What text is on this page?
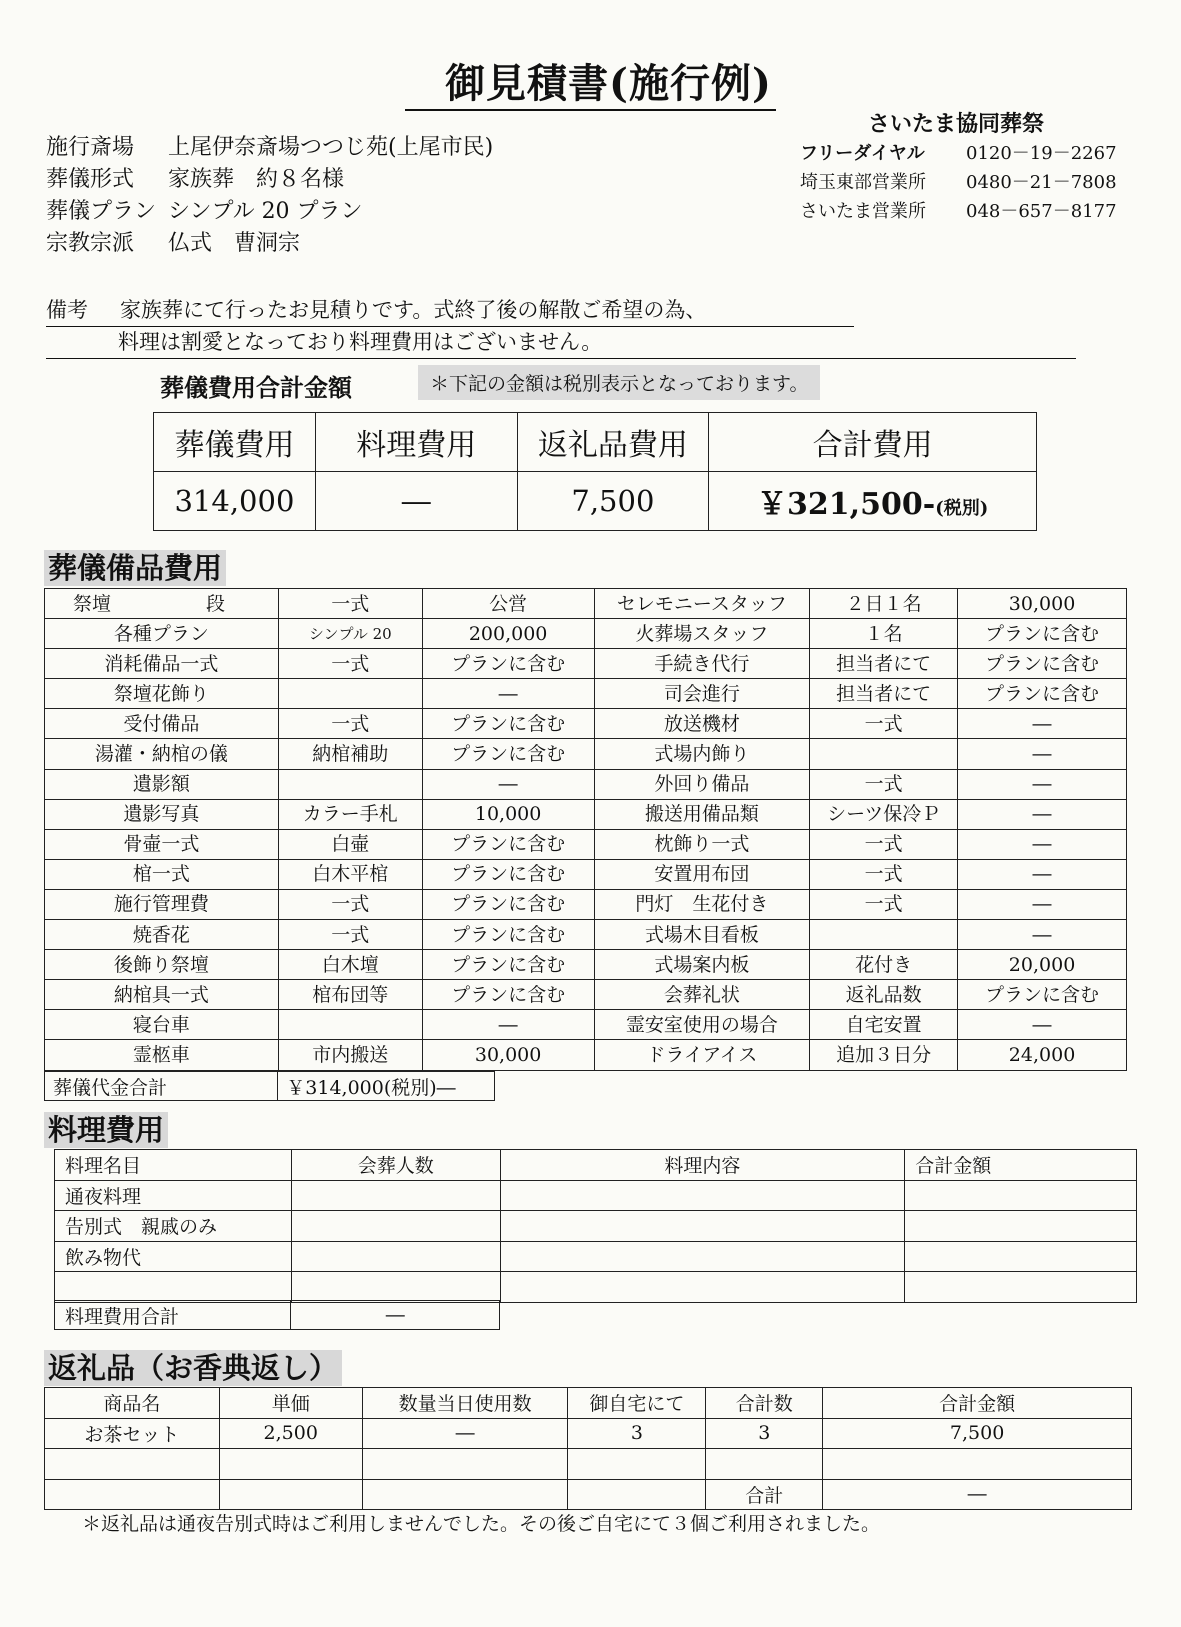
御見積書(施行例)
施行斎場 上尾伊奈斎場つつじ苑(上尾市民)
葬儀形式 家族葬　約８名様
葬儀プラン シンプル 20 プラン
宗教宗派 仏式　曹洞宗
さいたま協同葬祭
フリーダイヤル 0120－19－2267
埼玉東部営業所 0480－21－7808
さいたま営業所 048－657－8177
備考 家族葬にて行ったお見積りです。式終了後の解散ご希望の為、
料理は割愛となっており料理費用はございません。
葬儀費用合計金額	＊下記の金額は税別表示となっております。
葬儀費用	料理費用	返礼品費用	合計費用
314,000	―	7,500	￥321,500-(税別)
葬儀備品費用
祭壇　　　　　段	一式	公営	セレモニースタッフ	２日１名	30,000
各種プラン	シンプル 20	200,000	火葬場スタッフ	１名	プランに含む
消耗備品一式	一式	プランに含む	手続き代行	担当者にて	プランに含む
祭壇花飾り		―	司会進行	担当者にて	プランに含む
受付備品	一式	プランに含む	放送機材	一式	―
湯灌・納棺の儀	納棺補助	プランに含む	式場内飾り		―
遺影額		―	外回り備品	一式	―
遺影写真	カラー手札	10,000	搬送用備品類	シーツ保冷Ｐ	―
骨壷一式	白壷	プランに含む	枕飾り一式	一式	―
棺一式	白木平棺	プランに含む	安置用布団	一式	―
施行管理費	一式	プランに含む	門灯　生花付き	一式	―
焼香花	一式	プランに含む	式場木目看板		―
後飾り祭壇	白木壇	プランに含む	式場案内板	花付き	20,000
納棺具一式	棺布団等	プランに含む	会葬礼状	返礼品数	プランに含む
寝台車		―	霊安室使用の場合	自宅安置	―
霊柩車	市内搬送	30,000	ドライアイス	追加３日分	24,000
葬儀代金合計	￥314,000(税別)―
料理費用
料理名目	会葬人数	料理内容	合計金額
通夜料理			
告別式　親戚のみ			
飲み物代			

料理費用合計	―
返礼品（お香典返し）
商品名	単価	数量当日使用数	御自宅にて	合計数	合計金額
お茶セット	2,500	―	3	3	7,500

				合計	―
＊返礼品は通夜告別式時はご利用しませんでした。その後ご自宅にて３個ご利用されました。
